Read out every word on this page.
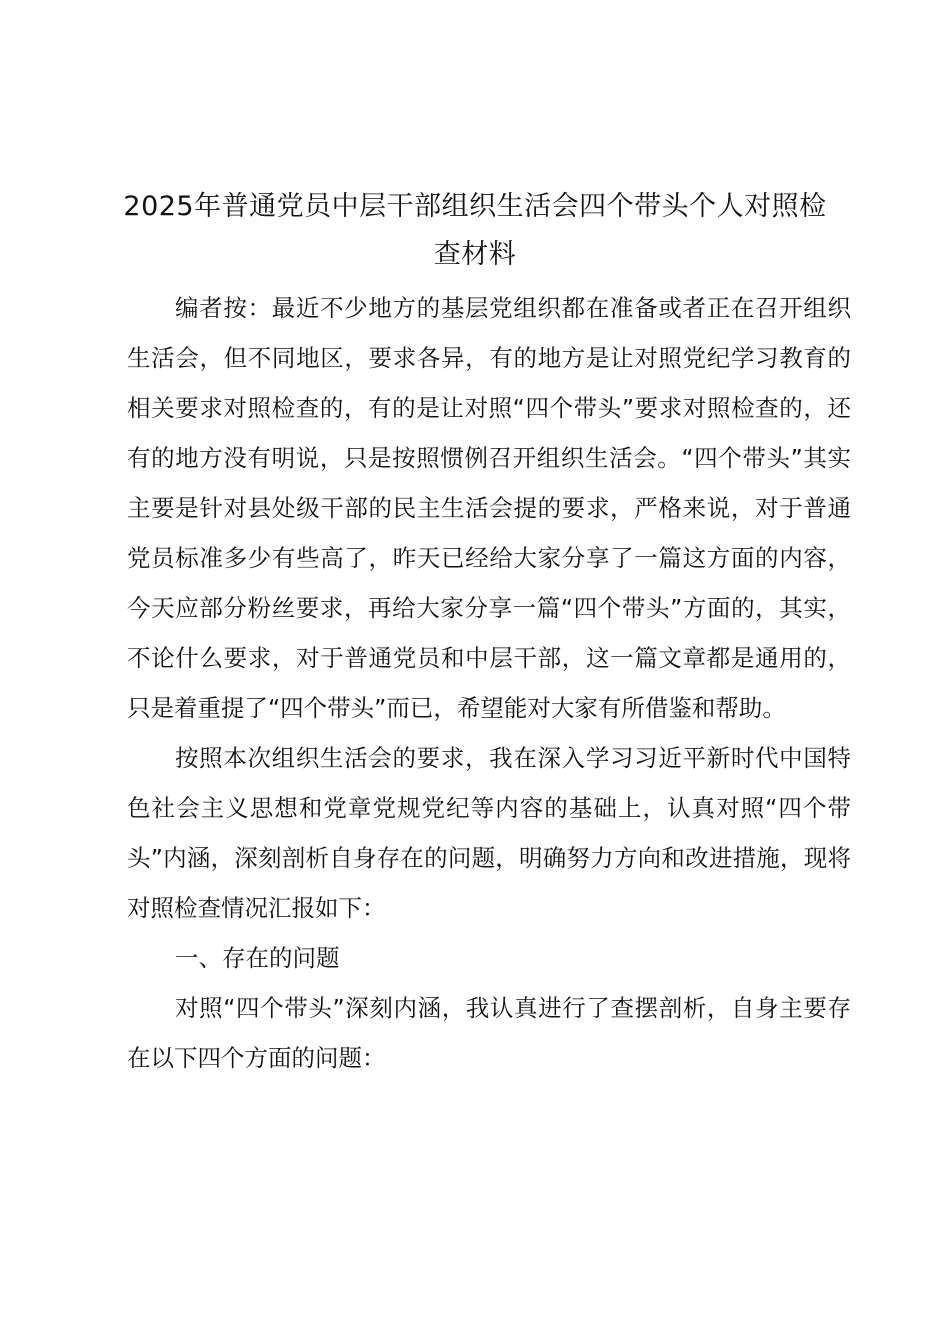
2025年普通党员中层干部组织生活会四个带头个人对照检查材料

编者按：最近不少地方的基层党组织都在准备或者正在召开组织生活会，但不同地区，要求各异，有的地方是让对照党纪学习教育的相关要求对照检查的，有的是让对照“四个带头”要求对照检查的，还有的地方没有明说，只是按照惯例召开组织生活会。“四个带头”其实主要是针对县处级干部的民主生活会提的要求，严格来说，对于普通党员标准多少有些高了，昨天已经给大家分享了一篇这方面的内容，今天应部分粉丝要求，再给大家分享一篇“四个带头”方面的，其实，不论什么要求，对于普通党员和中层干部，这一篇文章都是通用的，只是着重提了“四个带头”而已，希望能对大家有所借鉴和帮助。

按照本次组织生活会的要求，我在深入学习习近平新时代中国特色社会主义思想和党章党规党纪等内容的基础上，认真对照“四个带头”内涵，深刻剖析自身存在的问题，明确努力方向和改进措施，现将对照检查情况汇报如下：

一、存在的问题

对照“四个带头”深刻内涵，我认真进行了查摆剖析，自身主要存在以下四个方面的问题：
